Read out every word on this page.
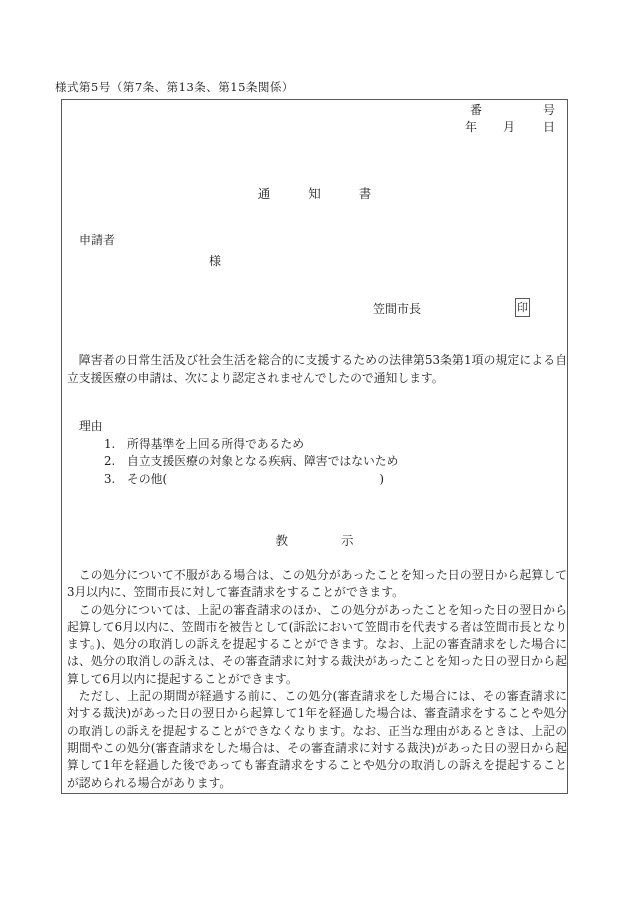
様式第5号（第7条、第13条、第15条関係）
番	号
年 月 日
通知書
申請者
様
笠間市長	印
障害者の日常生活及び社会生活を総合的に支援するための法律第53条第1項の規定による自立支援医療の申請は、次により認定されませんでしたので通知します。
理由
1.　所得基準を上回る所得であるため
2.　自立支援医療の対象となる疾病、障害ではないため
3.　その他(　　　　　　　　　　　　　　　　　　)
教示

この処分について不服がある場合は、この処分があったことを知った日の翌日から起算して3月以内に、笠間市長に対して審査請求をすることができます。

この処分については、上記の審査請求のほか、この処分があったことを知った日の翌日から起算して6月以内に、笠間市を被告として(訴訟において笠間市を代表する者は笠間市長となります。)、処分の取消しの訴えを提起することができます。なお、上記の審査請求をした場合には、処分の取消しの訴えは、その審査請求に対する裁決があったことを知った日の翌日から起算して6月以内に提起することができます。

ただし、上記の期間が経過する前に、この処分(審査請求をした場合には、その審査請求に対する裁決)があった日の翌日から起算して1年を経過した場合は、審査請求をすることや処分の取消しの訴えを提起することができなくなります。なお、正当な理由があるときは、上記の期間やこの処分(審査請求をした場合は、その審査請求に対する裁決)があった日の翌日から起算して1年を経過した後であっても審査請求をすることや処分の取消しの訴えを提起することが認められる場合があります。
